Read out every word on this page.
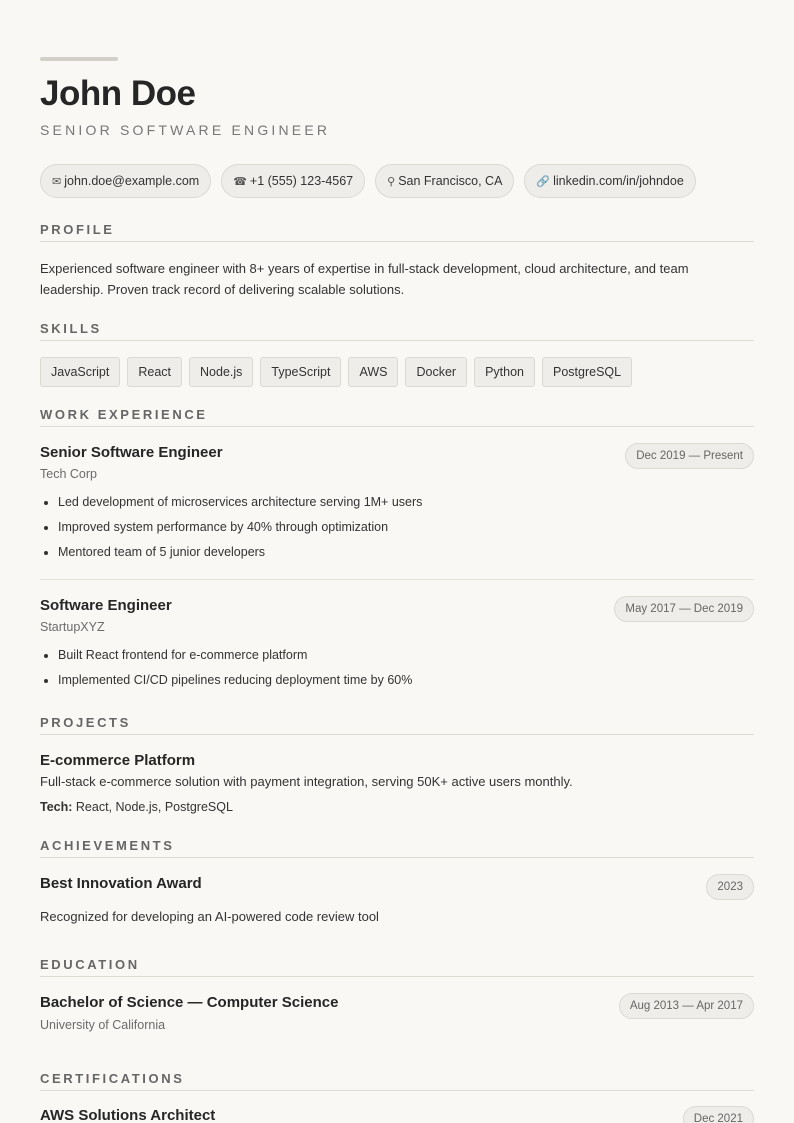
John Doe
SENIOR SOFTWARE ENGINEER
✉ john.doe@example.com	☎ +1 (555) 123-4567	⚲ San Francisco, CA	🔗 linkedin.com/in/johndoe
PROFILE
Experienced software engineer with 8+ years of expertise in full-stack development, cloud architecture, and team leadership. Proven track record of delivering scalable solutions.
SKILLS
JavaScript	React	Node.js	TypeScript	AWS	Docker	Python	PostgreSQL
WORK EXPERIENCE
Senior Software Engineer
Tech Corp
Dec 2019 — Present
• Led development of microservices architecture serving 1M+ users
• Improved system performance by 40% through optimization
• Mentored team of 5 junior developers
Software Engineer
StartupXYZ
May 2017 — Dec 2019
• Built React frontend for e-commerce platform
• Implemented CI/CD pipelines reducing deployment time by 60%
PROJECTS
E-commerce Platform
Full-stack e-commerce solution with payment integration, serving 50K+ active users monthly.
Tech: React, Node.js, PostgreSQL
ACHIEVEMENTS
Best Innovation Award	2023
Recognized for developing an AI-powered code review tool
EDUCATION
Bachelor of Science — Computer Science
University of California
Aug 2013 — Apr 2017
CERTIFICATIONS
AWS Solutions Architect	Dec 2021
